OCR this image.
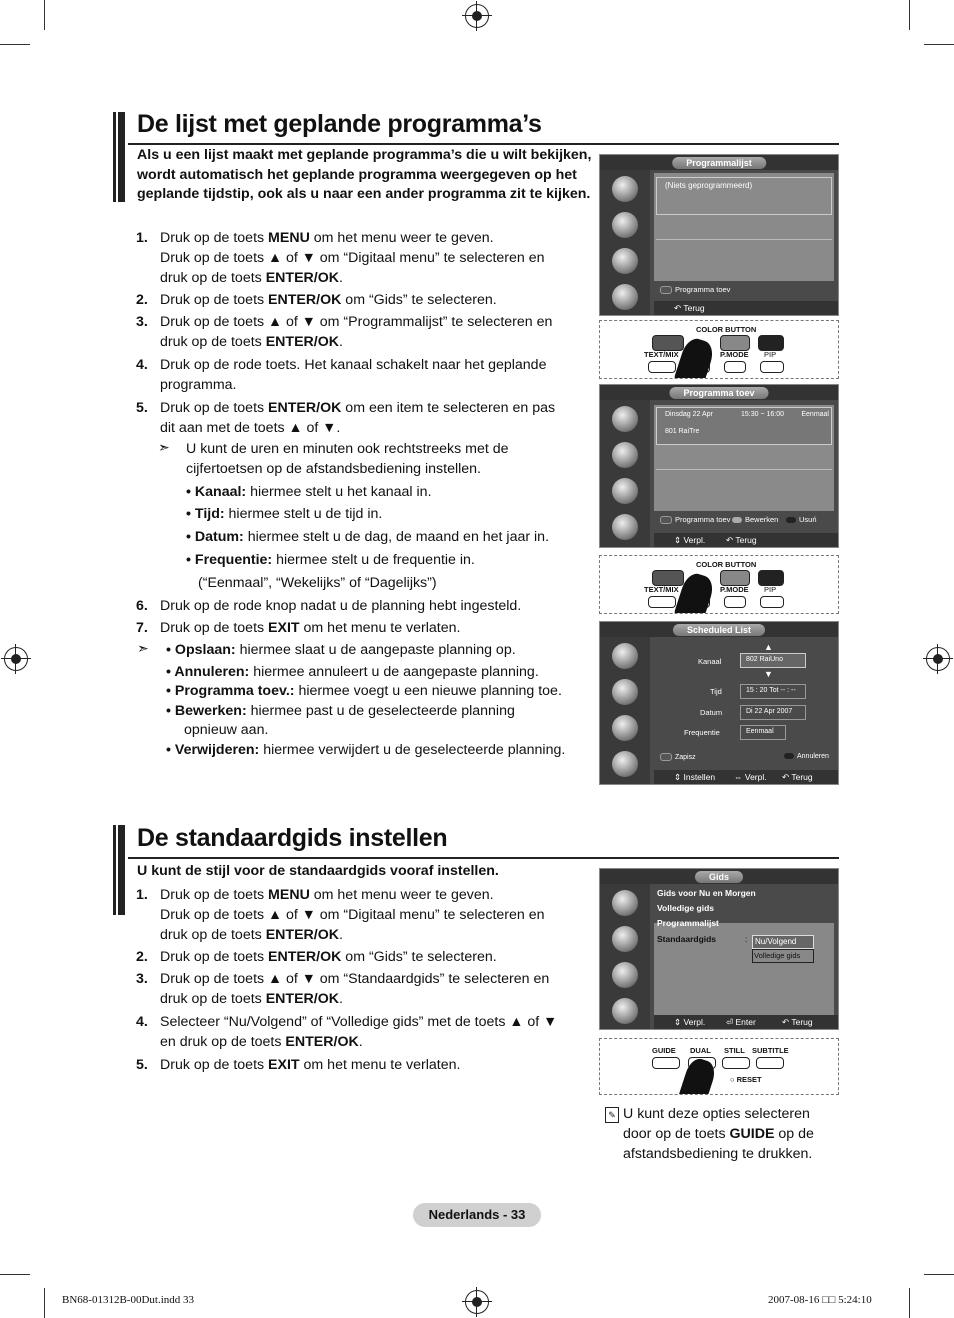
De lijst met geplande programma’s
Als u een lijst maakt met geplande programma’s die u wilt bekijken, wordt automatisch het geplande programma weergegeven op het geplande tijdstip, ook als u naar een ander programma zit te kijken.
1. Druk op de toets MENU om het menu weer te geven.
Druk op de toets ▲ of ▼ om “Digitaal menu” te selecteren en
druk op de toets ENTER/OK.
2. Druk op de toets ENTER/OK om “Gids” te selecteren.
3. Druk op de toets ▲ of ▼ om “Programmalijst” te selecteren en
druk op de toets ENTER/OK.
4. Druk op de rode toets. Het kanaal schakelt naar het geplande
programma.
5. Druk op de toets ENTER/OK om een item te selecteren en pas
dit aan met de toets ▲ of ▼.
➣ U kunt de uren en minuten ook rechtstreeks met de
cijfertoetsen op de afstandsbediening instellen.
• Kanaal: hiermee stelt u het kanaal in.
• Tijd: hiermee stelt u de tijd in.
• Datum: hiermee stelt u de dag, de maand en het jaar in.
• Frequentie: hiermee stelt u de frequentie in.
(“Eenmaal”, “Wekelijks” of “Dagelijks”)
6. Druk op de rode knop nadat u de planning hebt ingesteld.
7. Druk op de toets EXIT om het menu te verlaten.
➣ • Opslaan: hiermee slaat u de aangepaste planning op.
• Annuleren: hiermee annuleert u de aangepaste planning.
• Programma toev.: hiermee voegt u een nieuwe planning toe.
• Bewerken: hiermee past u de geselecteerde planning
opnieuw aan.
• Verwijderen: hiermee verwijdert u de geselecteerde planning.
Programmalijst
(Niets geprogrammeerd)
Programma toev
↶ Terug
COLOR BUTTON
TEXT/MIX	P.MODE PIP
Programma toev
Dinsdag 22 Apr	15:30 ~ 16:00 Eenmaal
801 RaiTre
Programma toev	Bewerken	Usuń
⇕ Verpl. ↶ Terug
COLOR BUTTON
TEXT/MIX	P.MODE PIP
Scheduled List
▲
Kanaal	802 RaiUno
▼
Tijd	15 : 20 Tot -- : --
Datum	Di 22 Apr 2007
Frequentie	Eenmaal
Zapisz	Annuleren
⇕ Instellen ⇔ Verpl. ↶ Terug
De standaardgids instellen
U kunt de stijl voor de standaardgids vooraf instellen.
1. Druk op de toets MENU om het menu weer te geven.
Druk op de toets ▲ of ▼ om “Digitaal menu” te selecteren en
druk op de toets ENTER/OK.
2. Druk op de toets ENTER/OK om “Gids” te selecteren.
3. Druk op de toets ▲ of ▼ om “Standaardgids” te selecteren en
druk op de toets ENTER/OK.
4. Selecteer “Nu/Volgend” of “Volledige gids” met de toets ▲ of ▼
en druk op de toets ENTER/OK.
5. Druk op de toets EXIT om het menu te verlaten.
Gids
Gids voor Nu en Morgen
Volledige gids
Programmalijst
Standaardgids	: Nu/Volgend
Volledige gids
⇕ Verpl. ⏎ Enter	↶ Terug
GUIDE DUAL STILL SUBTITLE
○ RESET
✎ U kunt deze opties selecteren
door op de toets GUIDE op de
afstandsbediening te drukken.
Nederlands - 33
BN68-01312B-00Dut.indd 33	2007-08-16 □□ 5:24:10
